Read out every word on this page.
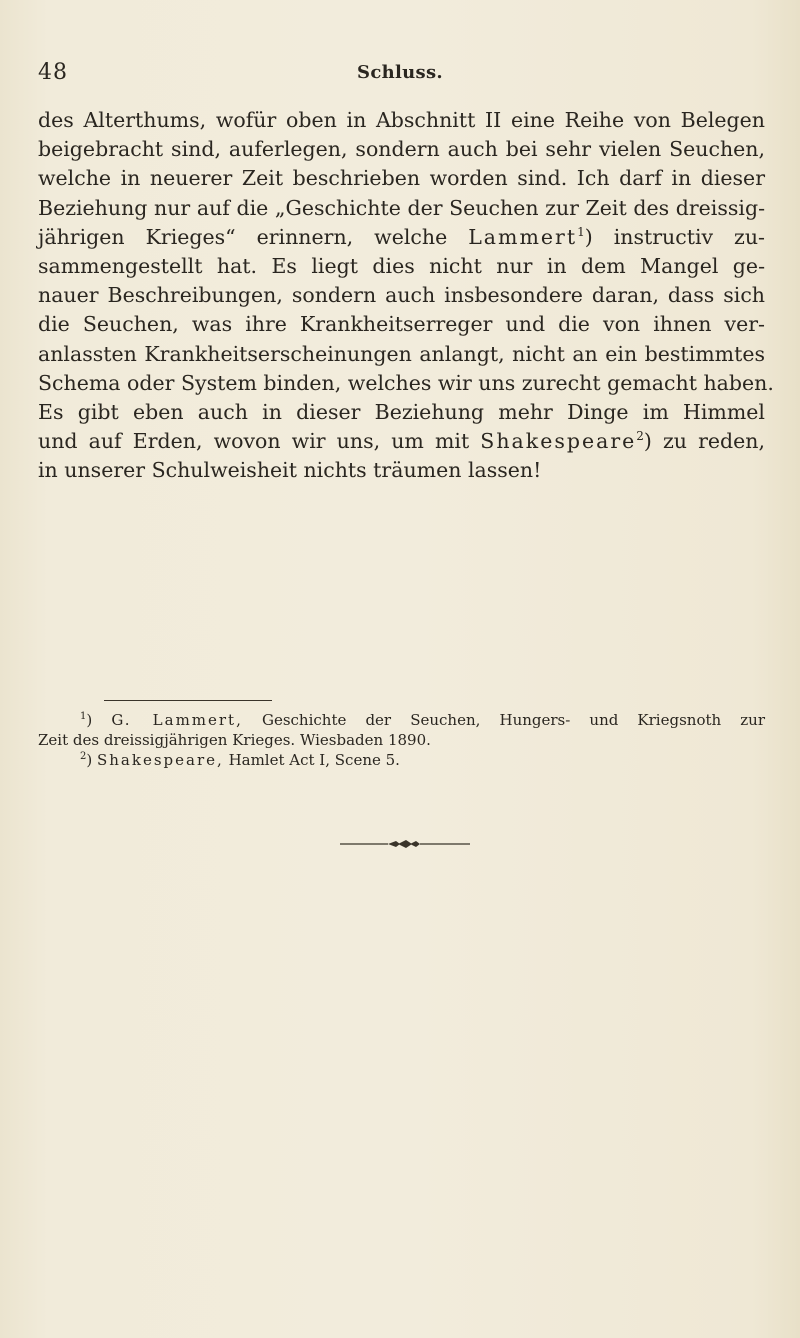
48	Schluss.
des Alterthums, wofür oben in Abschnitt II eine Reihe von Belegen
beigebracht sind, auferlegen, sondern auch bei sehr vielen Seuchen,
welche in neuerer Zeit beschrieben worden sind. Ich darf in dieser
Beziehung nur auf die „Geschichte der Seuchen zur Zeit des dreissig-
jährigen Krieges“ erinnern, welche Lammert$^1$) instructiv zu-
sammengestellt hat. Es liegt dies nicht nur in dem Mangel ge-
nauer Beschreibungen, sondern auch insbesondere daran, dass sich
die Seuchen, was ihre Krankheitserreger und die von ihnen ver-
anlassten Krankheitserscheinungen anlangt, nicht an ein bestimmtes
Schema oder System binden, welches wir uns zurecht gemacht haben.
Es gibt eben auch in dieser Beziehung mehr Dinge im Himmel
und auf Erden, wovon wir uns, um mit Shakespeare$^2$) zu reden,
in unserer Schulweisheit nichts träumen lassen!
$^1$) G. Lammert, Geschichte der Seuchen, Hungers- und Kriegsnoth zur
Zeit des dreissigjährigen Krieges. Wiesbaden 1890.
$^2$) Shakespeare, Hamlet Act I, Scene 5.
